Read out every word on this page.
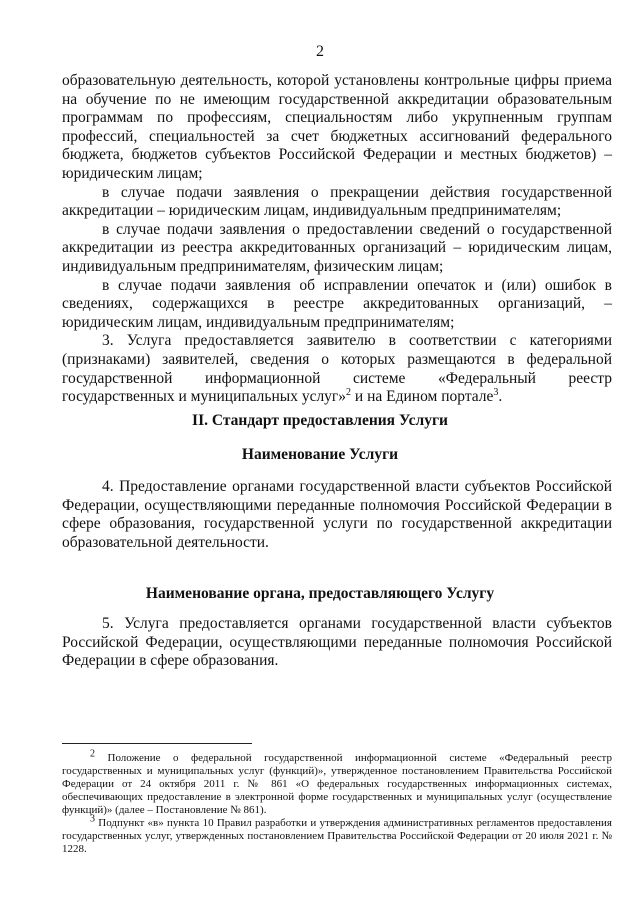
2

образовательную деятельность, которой установлены контрольные цифры приема на обучение по не имеющим государственной аккредитации образовательным программам по профессиям, специальностям либо укрупненным группам профессий, специальностей за счет бюджетных ассигнований федерального бюджета, бюджетов субъектов Российской Федерации и местных бюджетов) – юридическим лицам;

в случае подачи заявления о прекращении действия государственной аккредитации – юридическим лицам, индивидуальным предпринимателям;

в случае подачи заявления о предоставлении сведений о государственной аккредитации из реестра аккредитованных организаций – юридическим лицам, индивидуальным предпринимателям, физическим лицам;

в случае подачи заявления об исправлении опечаток и (или) ошибок в сведениях, содержащихся в реестре аккредитованных организаций, – юридическим лицам, индивидуальным предпринимателям;

3. Услуга предоставляется заявителю в соответствии с категориями (признаками) заявителей, сведения о которых размещаются в федеральной государственной информационной системе «Федеральный реестр государственных и муниципальных услуг»$^2$ и на Едином портале$^3$.

II. Стандарт предоставления Услуги
Наименование Услуги

4. Предоставление органами государственной власти субъектов Российской Федерации, осуществляющими переданные полномочия Российской Федерации в сфере образования, государственной услуги по государственной аккредитации образовательной деятельности.

Наименование органа, предоставляющего Услугу

5. Услуга предоставляется органами государственной власти субъектов Российской Федерации, осуществляющими переданные полномочия Российской Федерации в сфере образования.

$^2$ Положение о федеральной государственной информационной системе «Федеральный реестр государственных и муниципальных услуг (функций)», утвержденное постановлением Правительства Российской Федерации от 24 октября 2011 г. № 861 «О федеральных государственных информационных системах, обеспечивающих предоставление в электронной форме государственных и муниципальных услуг (осуществление функций)» (далее – Постановление № 861).

$^3$ Подпункт «в» пункта 10 Правил разработки и утверждения административных регламентов предоставления государственных услуг, утвержденных постановлением Правительства Российской Федерации от 20 июля 2021 г. № 1228.
